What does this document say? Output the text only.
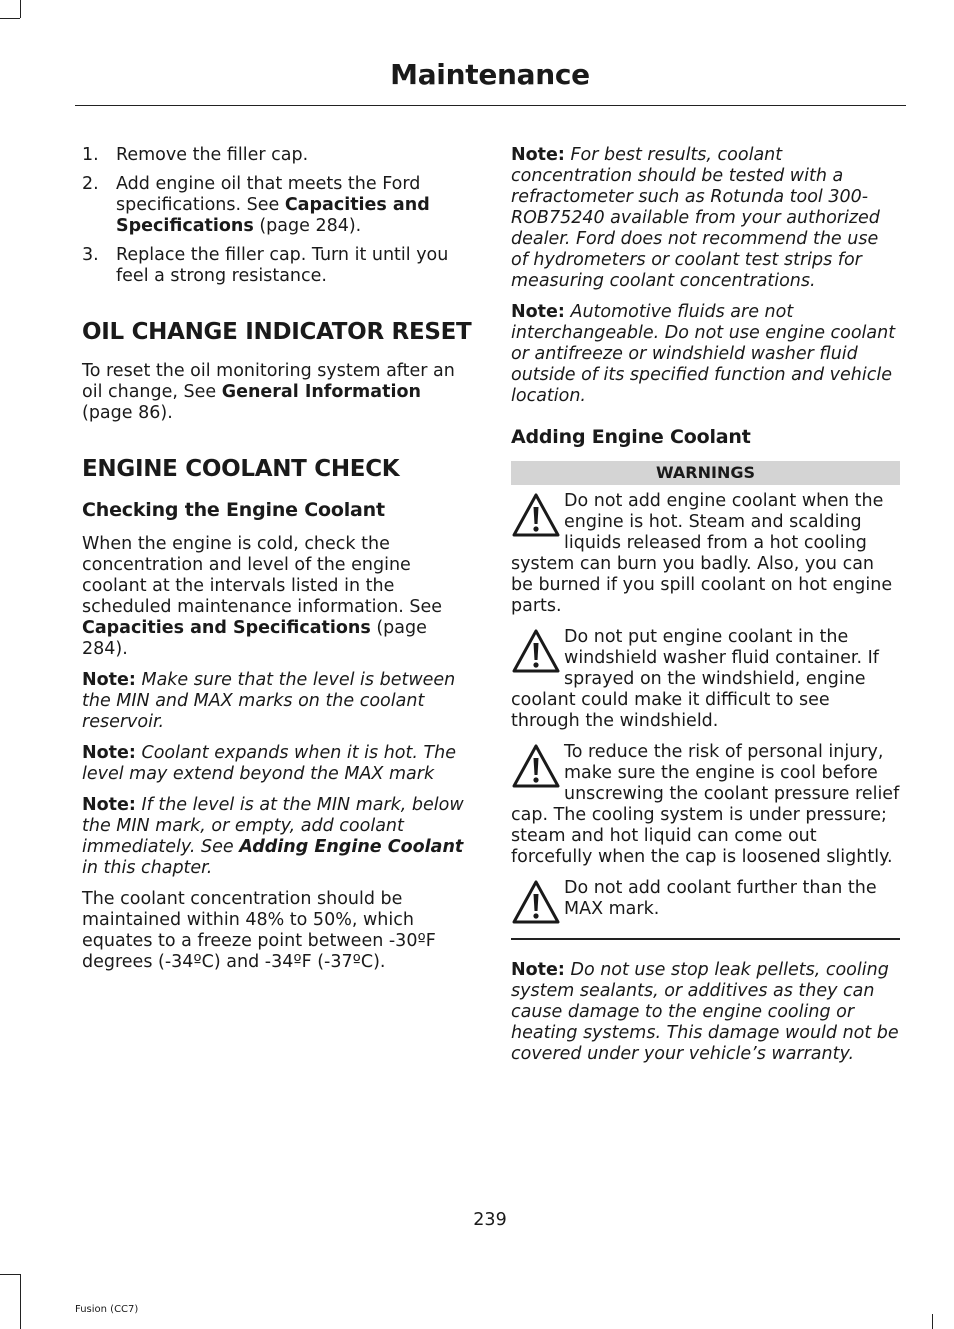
Maintenance
1. Remove the filler cap.
2. Add engine oil that meets the Ford specifications. See Capacities and Specifications (page 284).
3. Replace the filler cap. Turn it until you feel a strong resistance.
OIL CHANGE INDICATOR RESET

To reset the oil monitoring system after an oil change, See General Information (page 86).

ENGINE COOLANT CHECK
Checking the Engine Coolant

When the engine is cold, check the concentration and level of the engine coolant at the intervals listed in the scheduled maintenance information. See Capacities and Specifications (page 284).

Note: Make sure that the level is between the MIN and MAX marks on the coolant reservoir.

Note: Coolant expands when it is hot. The level may extend beyond the MAX mark

Note: If the level is at the MIN mark, below the MIN mark, or empty, add coolant immediately. See Adding Engine Coolant in this chapter.

The coolant concentration should be maintained within 48% to 50%, which equates to a freeze point between -30ºF degrees (-34ºC) and -34ºF (-37ºC).

Note: For best results, coolant concentration should be tested with a refractometer such as Rotunda tool 300-ROB75240 available from your authorized dealer. Ford does not recommend the use of hydrometers or coolant test strips for measuring coolant concentrations.

Note: Automotive fluids are not interchangeable. Do not use engine coolant or antifreeze or windshield washer fluid outside of its specified function and vehicle location.

Adding Engine Coolant
WARNINGS
Do not add engine coolant when the engine is hot. Steam and scalding liquids released from a hot cooling system can burn you badly. Also, you can be burned if you spill coolant on hot engine parts.
Do not put engine coolant in the windshield washer fluid container. If sprayed on the windshield, engine coolant could make it difficult to see through the windshield.
To reduce the risk of personal injury, make sure the engine is cool before unscrewing the coolant pressure relief cap. The cooling system is under pressure; steam and hot liquid can come out forcefully when the cap is loosened slightly.
Do not add coolant further than the MAX mark.

Note: Do not use stop leak pellets, cooling system sealants, or additives as they can cause damage to the engine cooling or heating systems. This damage would not be covered under your vehicle’s warranty.

239
Fusion (CC7)
